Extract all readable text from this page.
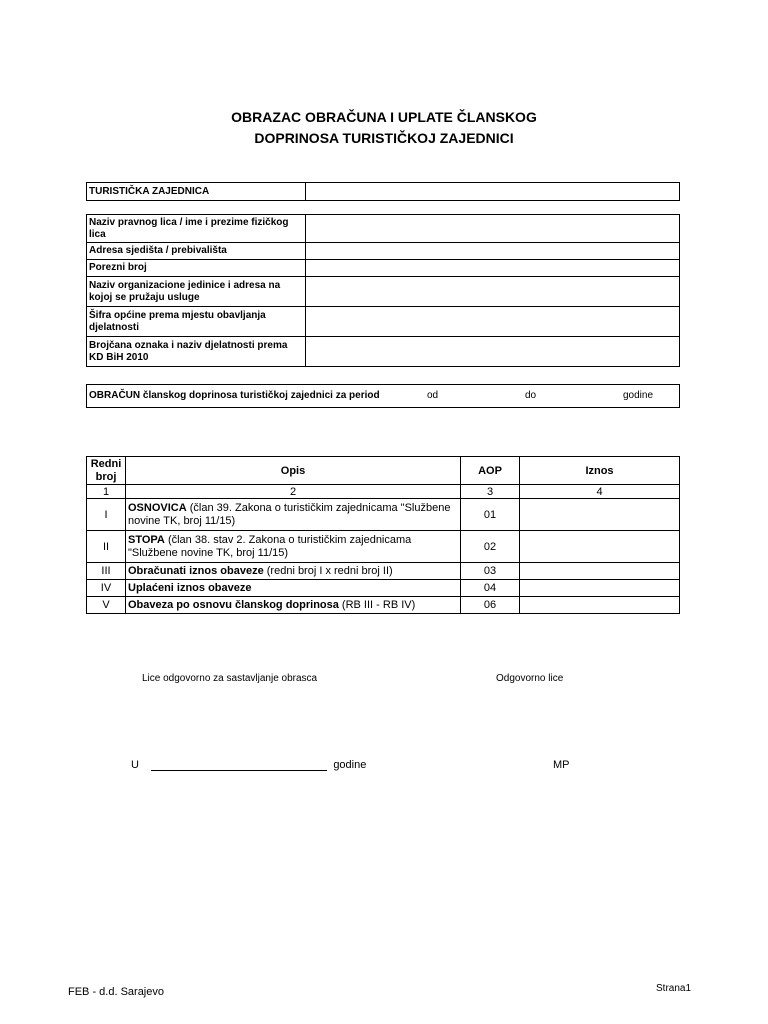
OBRAZAC OBRAČUNA I UPLATE ČLANSKOG
DOPRINOSA TURISTIČKOJ ZAJEDNICI
TURISTIČKA ZAJEDNICA	
Naziv pravnog lica / ime i prezime fizičkog lica	
Adresa sjedišta / prebivališta	
Porezni broj	
Naziv organizacione jedinice i adresa na kojoj se pružaju usluge	
Šifra općine prema mjestu obavljanja djelatnosti	
Brojčana oznaka i naziv djelatnosti prema KD BiH 2010	
OBRAČUN članskog doprinosa turističkoj zajednici za period	od	do	godine
Redni broj	Opis	AOP	Iznos
1	2	3	4
I	OSNOVICA (član 39. Zakona o turističkim zajednicama "Službene novine TK, broj 11/15)	01	
II	STOPA (član 38. stav 2. Zakona o turističkim zajednicama "Službene novine TK, broj 11/15)	02	
III	Obračunati iznos obaveze (redni broj I x redni broj II)	03	
IV	Uplaćeni iznos obaveze	04	
V	Obaveza po osnovu članskog doprinosa (RB III - RB IV)	06	
Lice odgovorno za sastavljanje obrasca	Odgovorno lice
U	godine	MP
FEB - d.d. Sarajevo	Strana1
